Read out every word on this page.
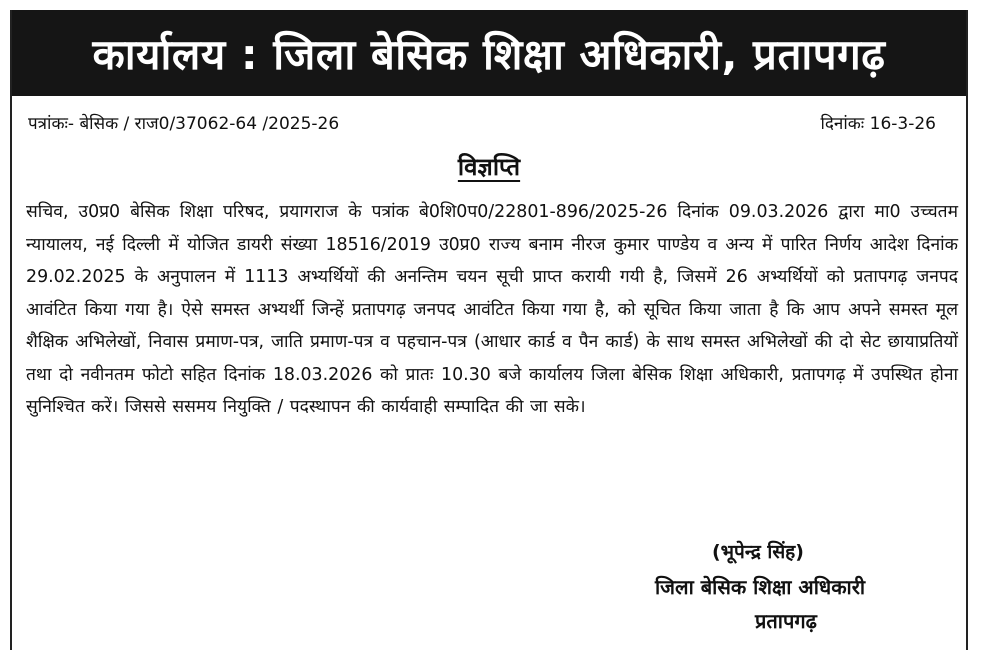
कार्यालय : जिला बेसिक शिक्षा अधिकारी, प्रतापगढ़
पत्रांकः- बेसिक / राज0/37062-64 /2025-26	दिनांकः 16-3-26
विज्ञप्ति
सचिव, उ0प्र0 बेसिक शिक्षा परिषद, प्रयागराज के पत्रांक बे0शि0प0/22801-896/2025-26 दिनांक 09.03.2026 द्वारा मा0 उच्चतम न्यायालय, नई दिल्ली में योजित डायरी संख्या 18516/2019 उ0प्र0 राज्य बनाम नीरज कुमार पाण्डेय व अन्य में पारित निर्णय आदेश दिनांक 29.02.2025 के अनुपालन में 1113 अभ्यर्थियों की अनन्तिम चयन सूची प्राप्त करायी गयी है, जिसमें 26 अभ्यर्थियों को प्रतापगढ़ जनपद आवंटित किया गया है। ऐसे समस्त अभ्यर्थी जिन्हें प्रतापगढ़ जनपद आवंटित किया गया है, को सूचित किया जाता है कि आप अपने समस्त मूल शैक्षिक अभिलेखों, निवास प्रमाण-पत्र, जाति प्रमाण-पत्र व पहचान-पत्र (आधार कार्ड व पैन कार्ड) के साथ समस्त अभिलेखों की दो सेट छायाप्रतियों तथा दो नवीनतम फोटो सहित दिनांक 18.03.2026 को प्रातः 10.30 बजे कार्यालय जिला बेसिक शिक्षा अधिकारी, प्रतापगढ़ में उपस्थित होना सुनिश्चित करें। जिससे ससमय नियुक्ति / पदस्थापन की कार्यवाही सम्पादित की जा सके।
(भूपेन्द्र सिंह)
जिला बेसिक शिक्षा अधिकारी
प्रतापगढ़
